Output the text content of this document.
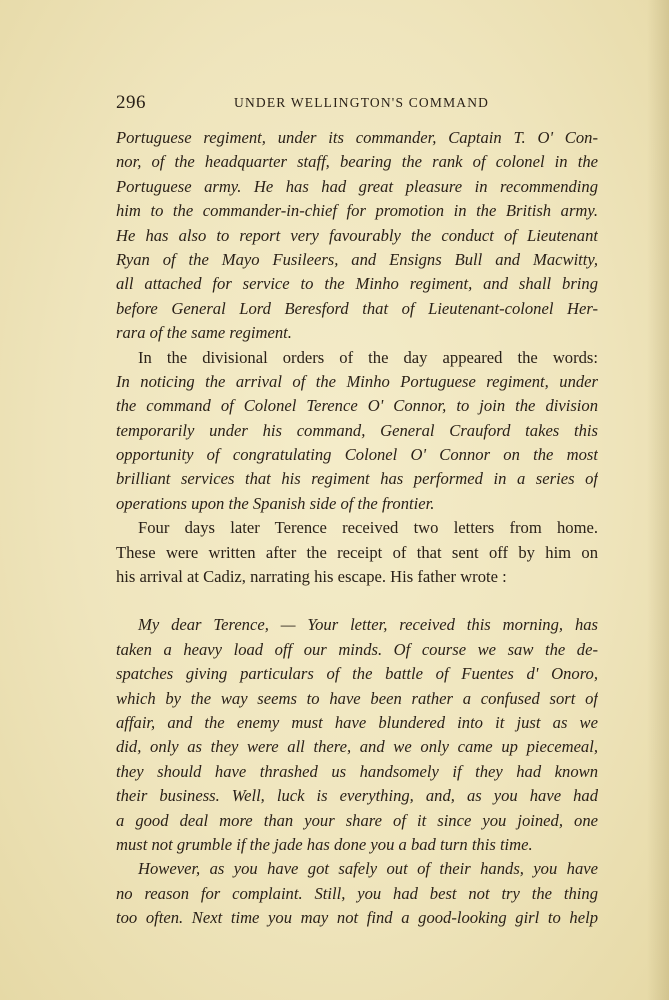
296	UNDER WELLINGTON'S COMMAND
Portuguese regiment, under its commander, Captain T. O' Con-
nor, of the headquarter staff, bearing the rank of colonel in the
Portuguese army. He has had great pleasure in recommending
him to the commander-in-chief for promotion in the British army.
He has also to report very favourably the conduct of Lieutenant
Ryan of the Mayo Fusileers, and Ensigns Bull and Macwitty,
all attached for service to the Minho regiment, and shall bring
before General Lord Beresford that of Lieutenant-colonel Her-
rara of the same regiment.
In the divisional orders of the day appeared the words:
In noticing the arrival of the Minho Portuguese regiment, under
the command of Colonel Terence O' Connor, to join the division
temporarily under his command, General Crauford takes this
opportunity of congratulating Colonel O' Connor on the most
brilliant services that his regiment has performed in a series of
operations upon the Spanish side of the frontier.
Four days later Terence received two letters from home.
These were written after the receipt of that sent off by him on
his arrival at Cadiz, narrating his escape. His father wrote :
My dear Terence, — Your letter, received this morning, has
taken a heavy load off our minds. Of course we saw the de-
spatches giving particulars of the battle of Fuentes d' Onoro,
which by the way seems to have been rather a confused sort of
affair, and the enemy must have blundered into it just as we
did, only as they were all there, and we only came up piecemeal,
they should have thrashed us handsomely if they had known
their business. Well, luck is everything, and, as you have had
a good deal more than your share of it since you joined, one
must not grumble if the jade has done you a bad turn this time.
However, as you have got safely out of their hands, you have
no reason for complaint. Still, you had best not try the thing
too often. Next time you may not find a good-looking girl to help
